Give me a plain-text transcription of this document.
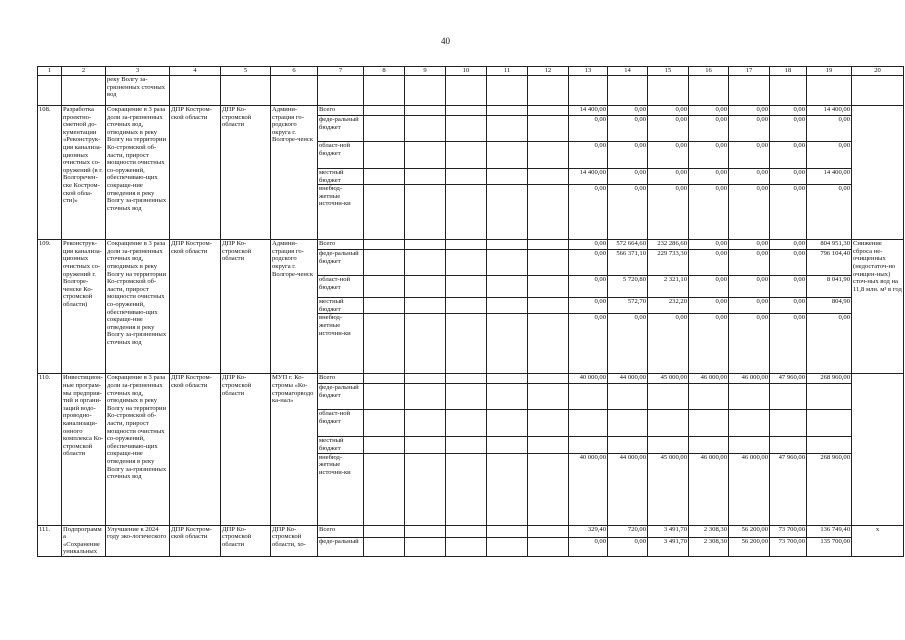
40
1	2	3	4	5	6	7	8	9	10	11	12	13	14	15	16	17	18	19	20
		реку Волгу за-грязненных сточных вод																	
108.	Разработка проектно-сметной до-кументации «Реконструк-ция канализа-ционных очистных со-оружений (в г. Волгоречен-ске Костром-ской обла-сти)»	Сокращение в 3 раза доли за-грязненных сточных вод, отводимых в реку Волгу на территории Ко-стромской об-ласти, прирост мощности очистных со-оружений, обеспечиваю-щих сокраще-ние отведения в реку Волгу за-грязненных сточных вод	ДПР Костром-ской области	ДПР Ко-стромской области	Админи-страция го-родского округа г. Волгоре-ченск	Всего						14 400,00	0,00	0,00	0,00	0,00	0,00	14 400,00	
						феде-ральный бюджет						0,00	0,00	0,00	0,00	0,00	0,00	0,00	
						област-ной бюджет						0,00	0,00	0,00	0,00	0,00	0,00	0,00	
						местный бюджет						14 400,00	0,00	0,00	0,00	0,00	0,00	14 400,00	
						внебюд-жетные источни-ки						0,00	0,00	0,00	0,00	0,00	0,00	0,00	
109.	Реконструк-ция канализа-ционных очистных со-оружений г. Волгоре-ченске Ко-стромской области)	Сокращение в 3 раза доли за-грязненных сточных вод, отводимых в реку Волгу на территории Ко-стромской об-ласти, прирост мощности очистных со-оружений, обеспечиваю-щих сокраще-ние отведения в реку Волгу за-грязненных сточных вод	ДПР Костром-ской области	ДПР Ко-стромской области	Админи-страция го-родского округа г. Волгоре-ченск	Всего						0,00	572 664,60	232 286,60	0,00	0,00	0,00	804 951,30	Снижение сброса не-очищенных (недостаточ-но очищен-ных) сточ-ных вод на 11,8 млн. м³ в год
						феде-ральный бюджет						0,00	566 371,10	229 733,30	0,00	0,00	0,00	796 104,40	
						област-ной бюджет						0,00	5 720,80	2 321,10	0,00	0,00	0,00	8 041,90	
						местный бюджет						0,00	572,70	232,20	0,00	0,00	0,00	804,90	
						внебюд-жетные источни-ки						0,00	0,00	0,00	0,00	0,00	0,00	0,00	
110.	Инвестицион-ные програм-мы предприя-тий и органи-заций водо-проводно-канализаци-онного комплекса Ко-стромской области	Сокращение в 3 раза доли за-грязненных сточных вод, отводимых в реку Волгу на территории Ко-стромской об-ласти, прирост мощности очистных со-оружений, обеспечиваю-щих сокраще-ние отведения в реку Волгу за-грязненных сточных вод	ДПР Костром-ской области	ДПР Ко-стромской области	МУП г. Ко-стромы «Ко-стромагорводока-нал»	Всего						40 000,00	44 000,00	45 000,00	46 000,00	46 000,00	47 960,00	268 960,00	
						феде-ральный бюджет													
						област-ной бюджет													
						местный бюджет													
						внебюд-жетные источни-ки						40 000,00	44 000,00	45 000,00	46 000,00	46 000,00	47 960,00	268 960,00	
111.	Подпрограмма «Сохранение уникальных	Улучшение к 2024 году эко-логического	ДПР Костром-ской области	ДПР Ко-стромской области	ДПР Ко-стромской области, хо-	Всего						329,40	720,00	3 491,70	2 308,30	56 200,00	73 700,00	136 749,40	x
						феде-ральный						0,00	0,00	3 491,70	2 308,30	56 200,00	73 700,00	135 700,00	
